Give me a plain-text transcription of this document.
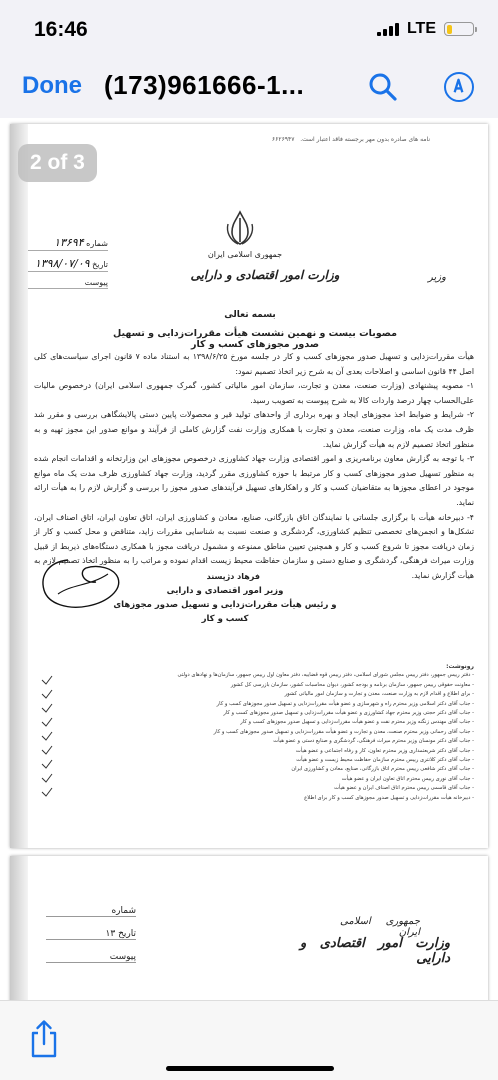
16:46	LTE
Done (173)961666-1...
نامه های صادره بدون مهر برجسته فاقد اعتبار است.   ۶۶۲۶۹۴۷
شماره ۱۳۶۹۴
تاریخ ۱۳۹۸/۰۷/۰۹
پیوست
جمهوری اسلامی ایران
وزارت امور اقتصادی و دارایی	وزیر
بسمه تعالی
مصوبات بیست و نهمین نشست هیأت مقررات‌زدایی و تسهیل صدور مجوزهای کسب و کار

هیأت مقررات‌زدایی و تسهیل صدور مجوزهای کسب و کار در جلسه مورخ ۱۳۹۸/۶/۲۵ به استناد ماده ۷ قانون اجرای سیاست‌های کلی اصل ۴۴ قانون اساسی و اصلاحات بعدی آن به شرح زیر اتخاذ تصمیم نمود:

۱- مصوبه پیشنهادی (وزارت صنعت، معدن و تجارت، سازمان امور مالیاتی کشور، گمرک جمهوری اسلامی ایران) درخصوص مالیات علی‌الحساب چهار درصد واردات کالا به شرح پیوست به تصویب رسید.

۲- شرایط و ضوابط اخذ مجوزهای ایجاد و بهره برداری از واحدهای تولید قیر و محصولات پایین دستی پالایشگاهی بررسی و مقرر شد ظرف مدت یک ماه، وزارت صنعت، معدن و تجارت با همکاری وزارت نفت گزارش کاملی از فرآیند و موانع صدور این مجوز تهیه و به منظور اتخاذ تصمیم لازم به هیأت گزارش نماید.

۳- با توجه به گزارش معاون برنامه‌ریزی و امور اقتصادی وزارت جهاد کشاورزی درخصوص مجوزهای این وزارتخانه و اقدامات انجام شده به منظور تسهیل صدور مجوزهای کسب و کار مرتبط با حوزه کشاورزی مقرر گردید، وزارت جهاد کشاورزی ظرف مدت یک ماه موانع موجود در اعطای مجوزها به متقاضیان کسب و کار و راهکارهای تسهیل فرآیندهای صدور مجوز را بررسی و گزارش لازم را به هیأت ارائه نماید.

۴- دبیرخانه هیأت با برگزاری جلساتی با نمایندگان اتاق بازرگانی، صنایع، معادن و کشاورزی ایران، اتاق تعاون ایران، اتاق اصناف ایران، تشکل‌ها و انجمن‌های تخصصی تنظیم کشاورزی، گردشگری و صنعت نسبت به شناسایی مقررات زاید، متناقض و محل کسب و کار از زمان دریافت مجوز تا شروع کسب و کار و همچنین تعیین مناطق ممنوعه و مشمول دریافت مجوز با همکاری دستگاه‌های ذیربط از قبیل وزارت میراث فرهنگی، گردشگری و صنایع دستی و سازمان حفاظت محیط زیست اقدام نموده و مراتب را به منظور اتخاذ تصمیم لازم به هیأت گزارش نماید.

فرهاد دژپسند
وزیر امور اقتصادی و دارایی
و رئیس هیأت مقررات‌زدایی و تسهیل صدور مجوزهای کسب و کار
رونوشت:
- دفتر رییس جمهور، دفتر رییس مجلس شورای اسلامی، دفتر رییس قوه قضاییه، دفتر معاون اول رییس جمهور، سازمان‌ها و نهادهای دولتی
- معاونت حقوقی رییس جمهور، سازمان برنامه و بودجه کشور، دیوان محاسبات کشور، سازمان بازرسی کل کشور
- برای اطلاع و اقدام لازم به وزارت صنعت، معدن و تجارت و سازمان امور مالیاتی کشور
- جناب آقای دکتر اسلامی وزیر محترم راه و شهرسازی و عضو هیأت مقررات‌زدایی و تسهیل صدور مجوزهای کسب و کار
- جناب آقای دکتر حجتی وزیر محترم جهاد کشاورزی و عضو هیأت مقررات‌زدایی و تسهیل صدور مجوزهای کسب و کار
- جناب آقای مهندس زنگنه وزیر محترم نفت و عضو هیأت مقررات‌زدایی و تسهیل صدور مجوزهای کسب و کار
- جناب آقای رحمانی وزیر محترم صنعت، معدن و تجارت و عضو هیأت مقررات‌زدایی و تسهیل صدور مجوزهای کسب و کار
- جناب آقای دکتر مونسان وزیر محترم میراث فرهنگی، گردشگری و صنایع دستی و عضو هیأت
- جناب آقای دکتر شریعتمداری وزیر محترم تعاون، کار و رفاه اجتماعی و عضو هیأت
- جناب آقای دکتر کلانتری رییس محترم سازمان حفاظت محیط زیست و عضو هیأت
- جناب آقای دکتر شافعی رییس محترم اتاق بازرگانی، صنایع، معادن و کشاورزی ایران
- جناب آقای نوری رییس محترم اتاق تعاون ایران و عضو هیأت
- جناب آقای قاسمی رییس محترم اتاق اصناف ایران و عضو هیأت
- دبیرخانه هیأت مقررات‌زدایی و تسهیل صدور مجوزهای کسب و کار برای اطلاع
2 of 3
جمهوری اسلامی ایران
وزارت امور اقتصادی و دارایی
شماره
تاریخ ۱۳
پیوست
